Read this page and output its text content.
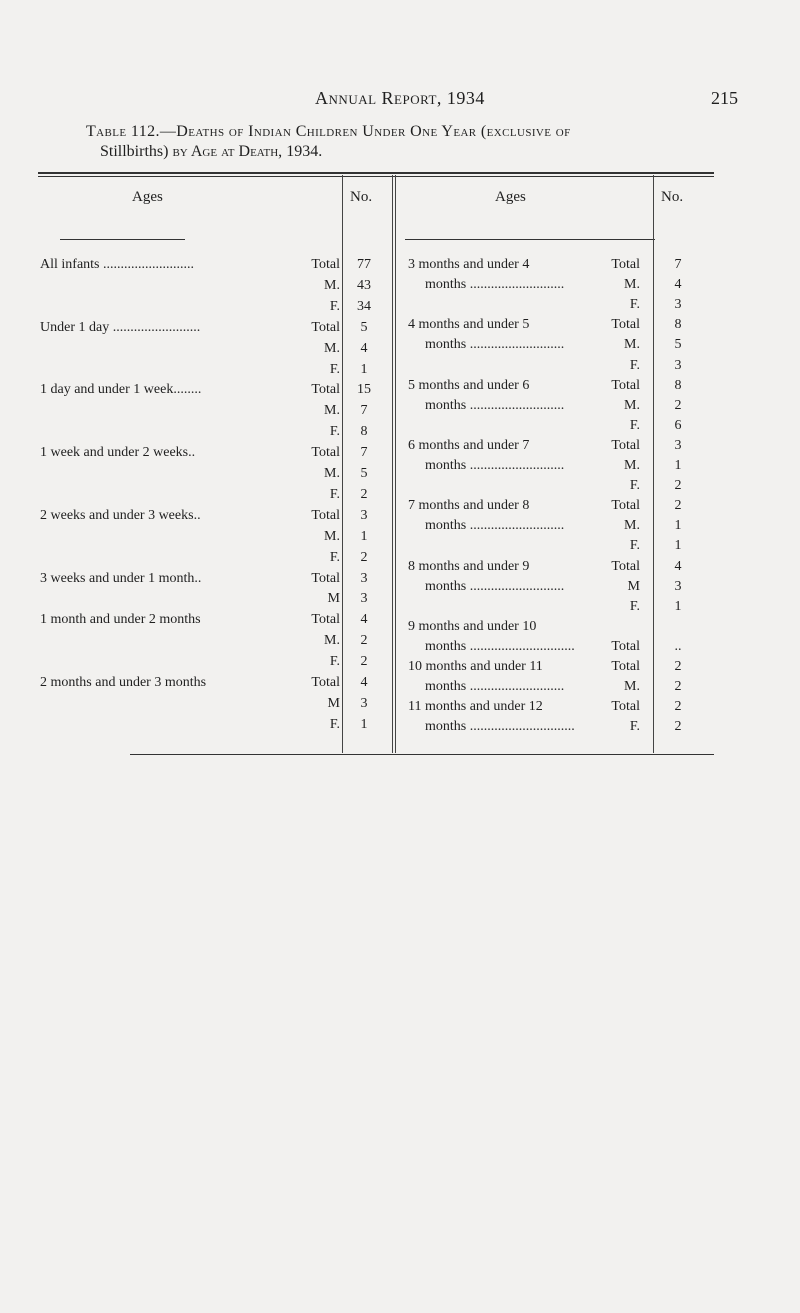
Annual Report, 1934	215
Table 112.—Deaths of Indian Children Under One Year (exclusive of
Stillbirths) by Age at Death, 1934.
Ages	No.	Ages	No.
All infants ..........................	Total	77
M.	43
F.	34
Under 1 day .........................	Total	5
M.	4
F.	1
1 day and under 1 week........	Total	15
M.	7
F.	8
1 week and under 2 weeks..	Total	7
M.	5
F.	2
2 weeks and under 3 weeks..	Total	3
M.	1
F.	2
3 weeks and under 1 month..	Total	3
M	3
1 month and under 2 months	Total	4
M.	2
F.	2
2 months and under 3 months	Total	4
M	3
F.	1
3 months and under 4	Total	7
months ...........................	M.	4
F.	3
4 months and under 5	Total	8
months ...........................	M.	5
F.	3
5 months and under 6	Total	8
months ...........................	M.	2
F.	6
6 months and under 7	Total	3
months ...........................	M.	1
F.	2
7 months and under 8	Total	2
months ...........................	M.	1
F.	1
8 months and under 9	Total	4
months ...........................	M	3
F.	1
9 months and under 10
months ..............................	Total	..
10 months and under 11	Total	2
months ...........................	M.	2
11 months and under 12	Total	2
months ..............................	F.	2
